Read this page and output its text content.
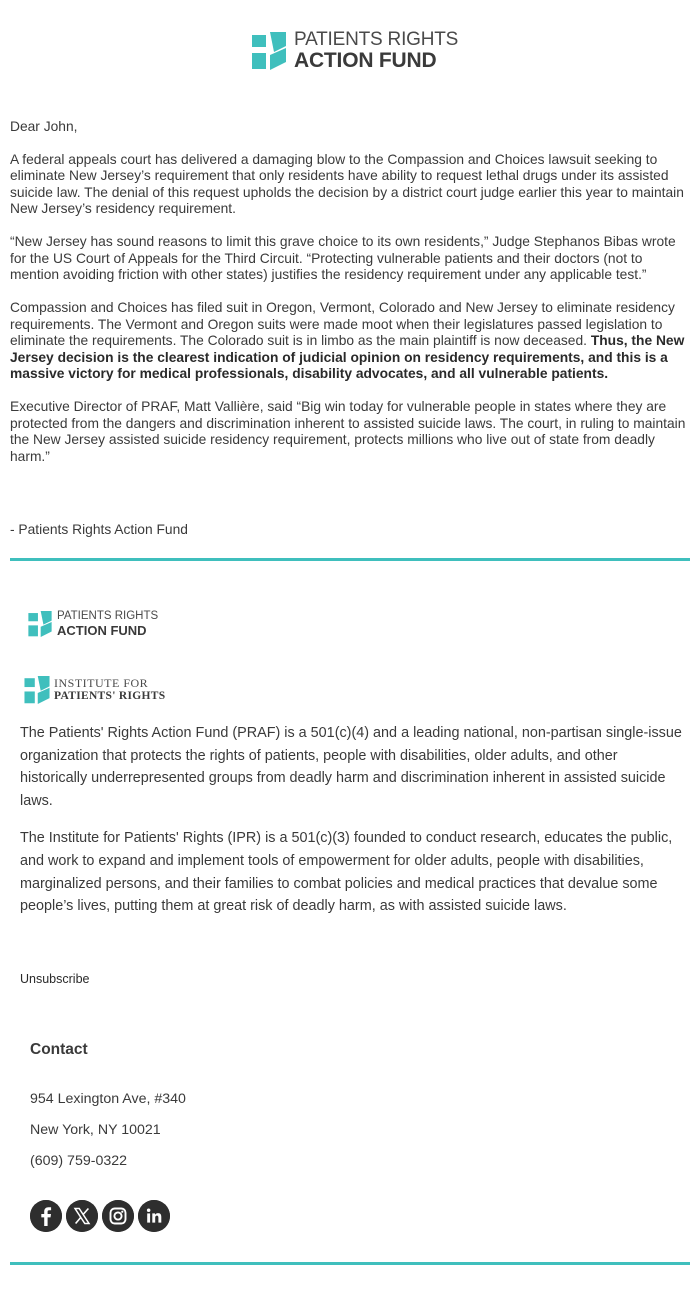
PATIENTS RIGHTS
ACTION FUND

Dear John,

A federal appeals court has delivered a damaging blow to the Compassion and Choices lawsuit seeking to eliminate New Jersey’s requirement that only residents have ability to request lethal drugs under its assisted suicide law. The denial of this request upholds the decision by a district court judge earlier this year to maintain New Jersey’s residency requirement.

“New Jersey has sound reasons to limit this grave choice to its own residents,” Judge Stephanos Bibas wrote for the US Court of Appeals for the Third Circuit. “Protecting vulnerable patients and their doctors (not to mention avoiding friction with other states) justifies the residency requirement under any applicable test.”

Compassion and Choices has filed suit in Oregon, Vermont, Colorado and New Jersey to eliminate residency requirements. The Vermont and Oregon suits were made moot when their legislatures passed legislation to eliminate the requirements. The Colorado suit is in limbo as the main plaintiff is now deceased. Thus, the New Jersey decision is the clearest indication of judicial opinion on residency requirements, and this is a massive victory for medical professionals, disability advocates, and all vulnerable patients.

Executive Director of PRAF, Matt Vallière, said “Big win today for vulnerable people in states where they are protected from the dangers and discrimination inherent to assisted suicide laws. The court, in ruling to maintain the New Jersey assisted suicide residency requirement, protects millions who live out of state from deadly harm.”

- Patients Rights Action Fund
PATIENTS RIGHTS
ACTION FUND
INSTITUTE FOR
PATIENTS' RIGHTS

The Patients' Rights Action Fund (PRAF) is a 501(c)(4) and a leading national, non-partisan single-issue organization that protects the rights of patients, people with disabilities, older adults, and other historically underrepresented groups from deadly harm and discrimination inherent in assisted suicide laws.

The Institute for Patients' Rights (IPR) is a 501(c)(3) founded to conduct research, educates the public, and work to expand and implement tools of empowerment for older adults, people with disabilities, marginalized persons, and their families to combat policies and medical practices that devalue some people’s lives, putting them at great risk of deadly harm, as with assisted suicide laws.

Unsubscribe
Contact
954 Lexington Ave, #340
New York, NY 10021
(609) 759-0322
